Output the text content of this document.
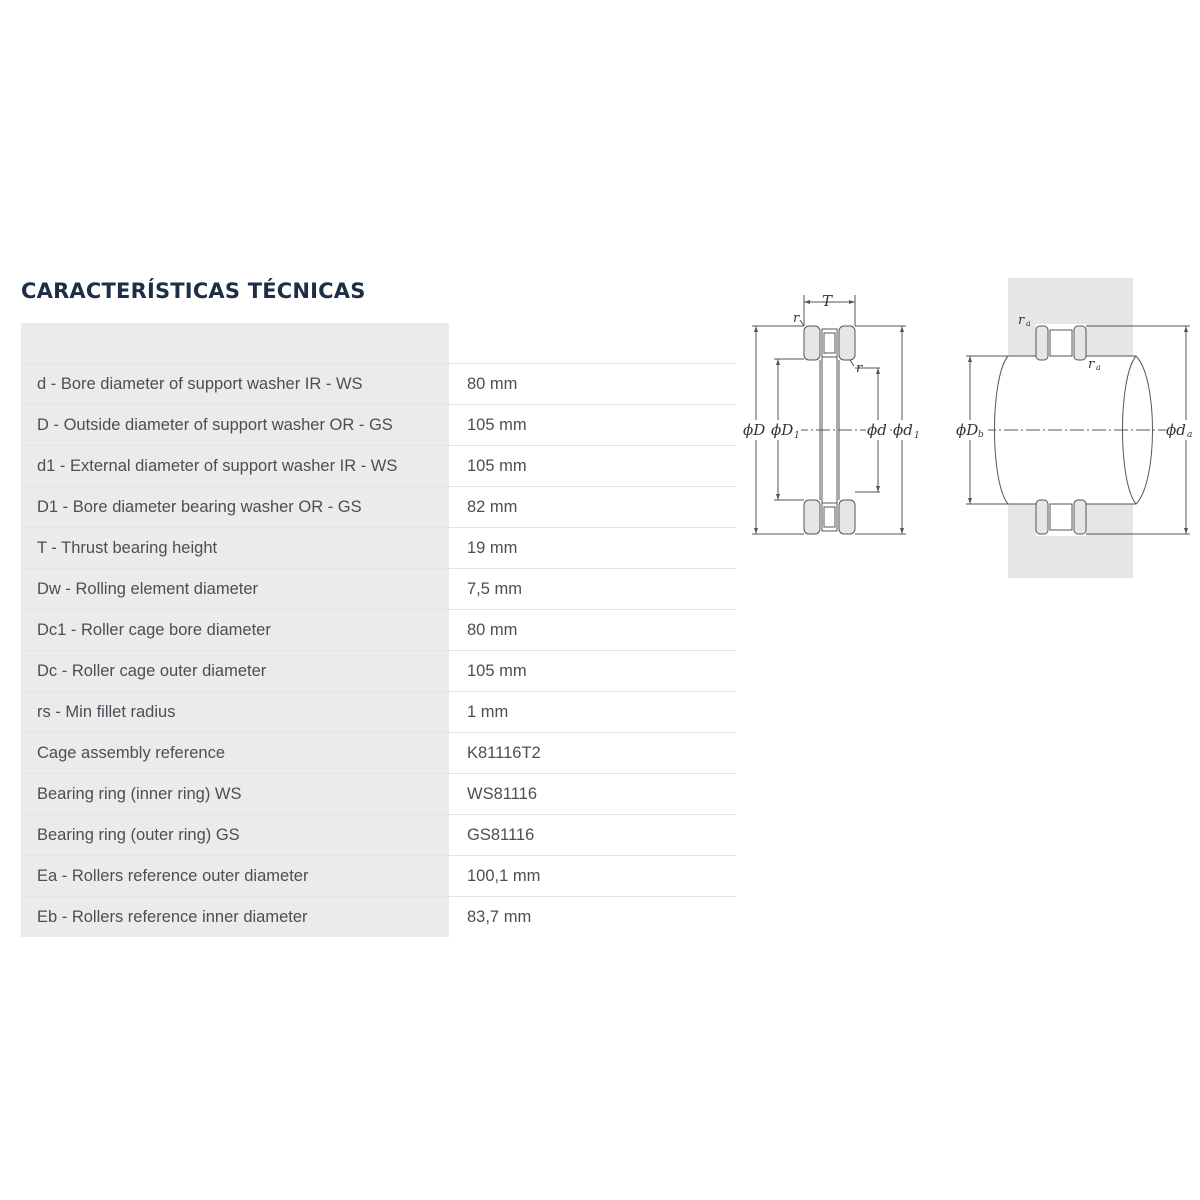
CARACTERÍSTICAS TÉCNICAS

d - Bore diameter of support washer IR - WS	80 mm
D - Outside diameter of support washer OR - GS	105 mm
d1 - External diameter of support washer IR - WS	105 mm
D1 - Bore diameter bearing washer OR - GS	82 mm
T - Thrust bearing height	19 mm
Dw - Rolling element diameter	7,5 mm
Dc1 - Roller cage bore diameter	80 mm
Dc - Roller cage outer diameter	105 mm
rs - Min fillet radius	1 mm
Cage assembly reference	K81116T2
Bearing ring (inner ring) WS	WS81116
Bearing ring (outer ring) GS	GS81116
Ea - Rollers reference outer diameter	100,1 mm
Eb - Rollers reference inner diameter	83,7 mm
T
r
r
ϕD ϕD 1	ϕd ϕd 1
r a
r a
ϕD b	ϕd a
